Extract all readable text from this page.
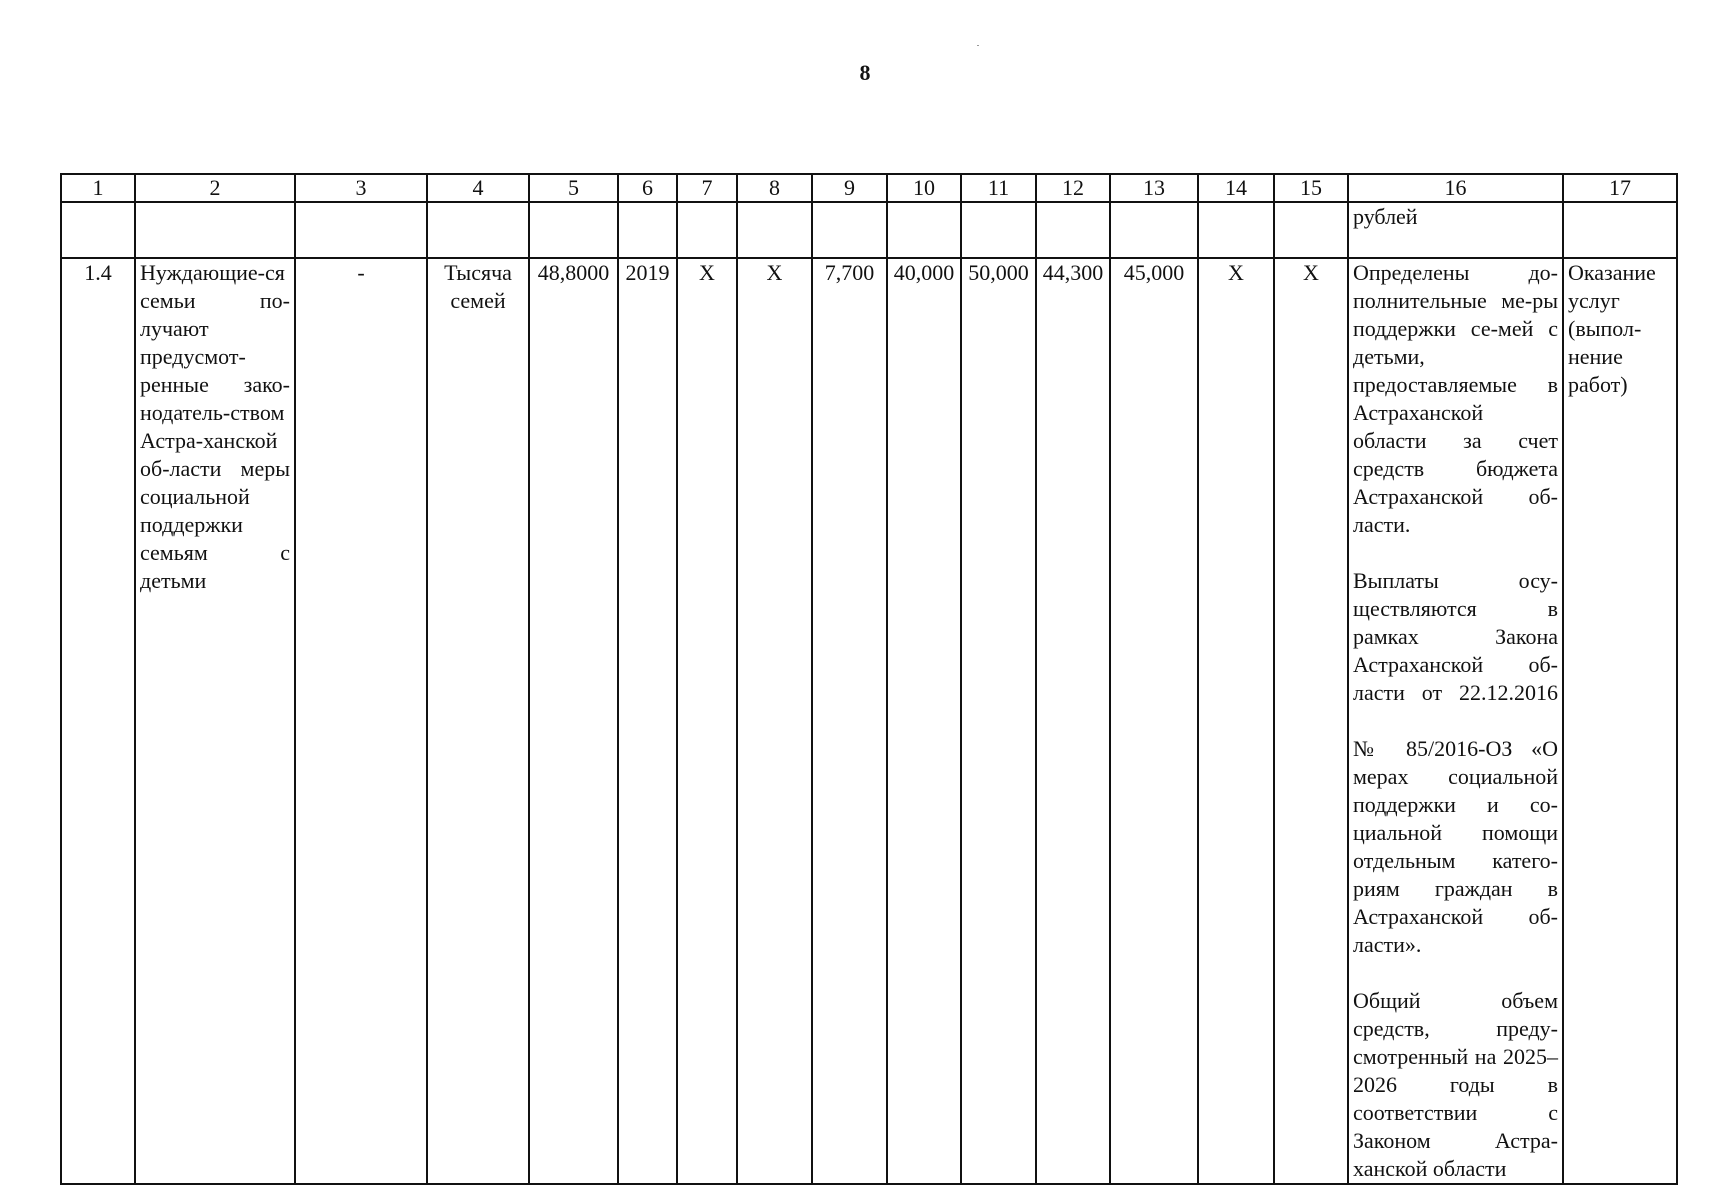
8
1	2	3	4	5	6	7	8	9	10	11	12	13	14	15	16	17
															рублей	
1.4	Нуждающие-ся семьи по-лучают предусмот-ренные зако-нодатель-ством Астра-ханской об-ласти меры социальной поддержки семьям с детьми	-	Тысяча семей	48,8000	2019	X	X	7,700	40,000	50,000	44,300	45,000	X	X	Определены до-полнительные ме-ры поддержки се-мей с детьми, предоставляемые в Астраханской области за счет средств бюджета Астраханской об-ласти.
Выплаты осу-ществляются в рамках Закона Астраханской об-ласти от 22.12.2016
№ 85/2016-ОЗ «О мерах социальной поддержки и со-циальной помощи отдельным катего-риям граждан в Астраханской об-ласти».
Общий объем средств, преду-смотренный на 2025–2026 годы в соответствии с Законом Астра-ханской области	Оказание услуг (выпол-нение работ)
